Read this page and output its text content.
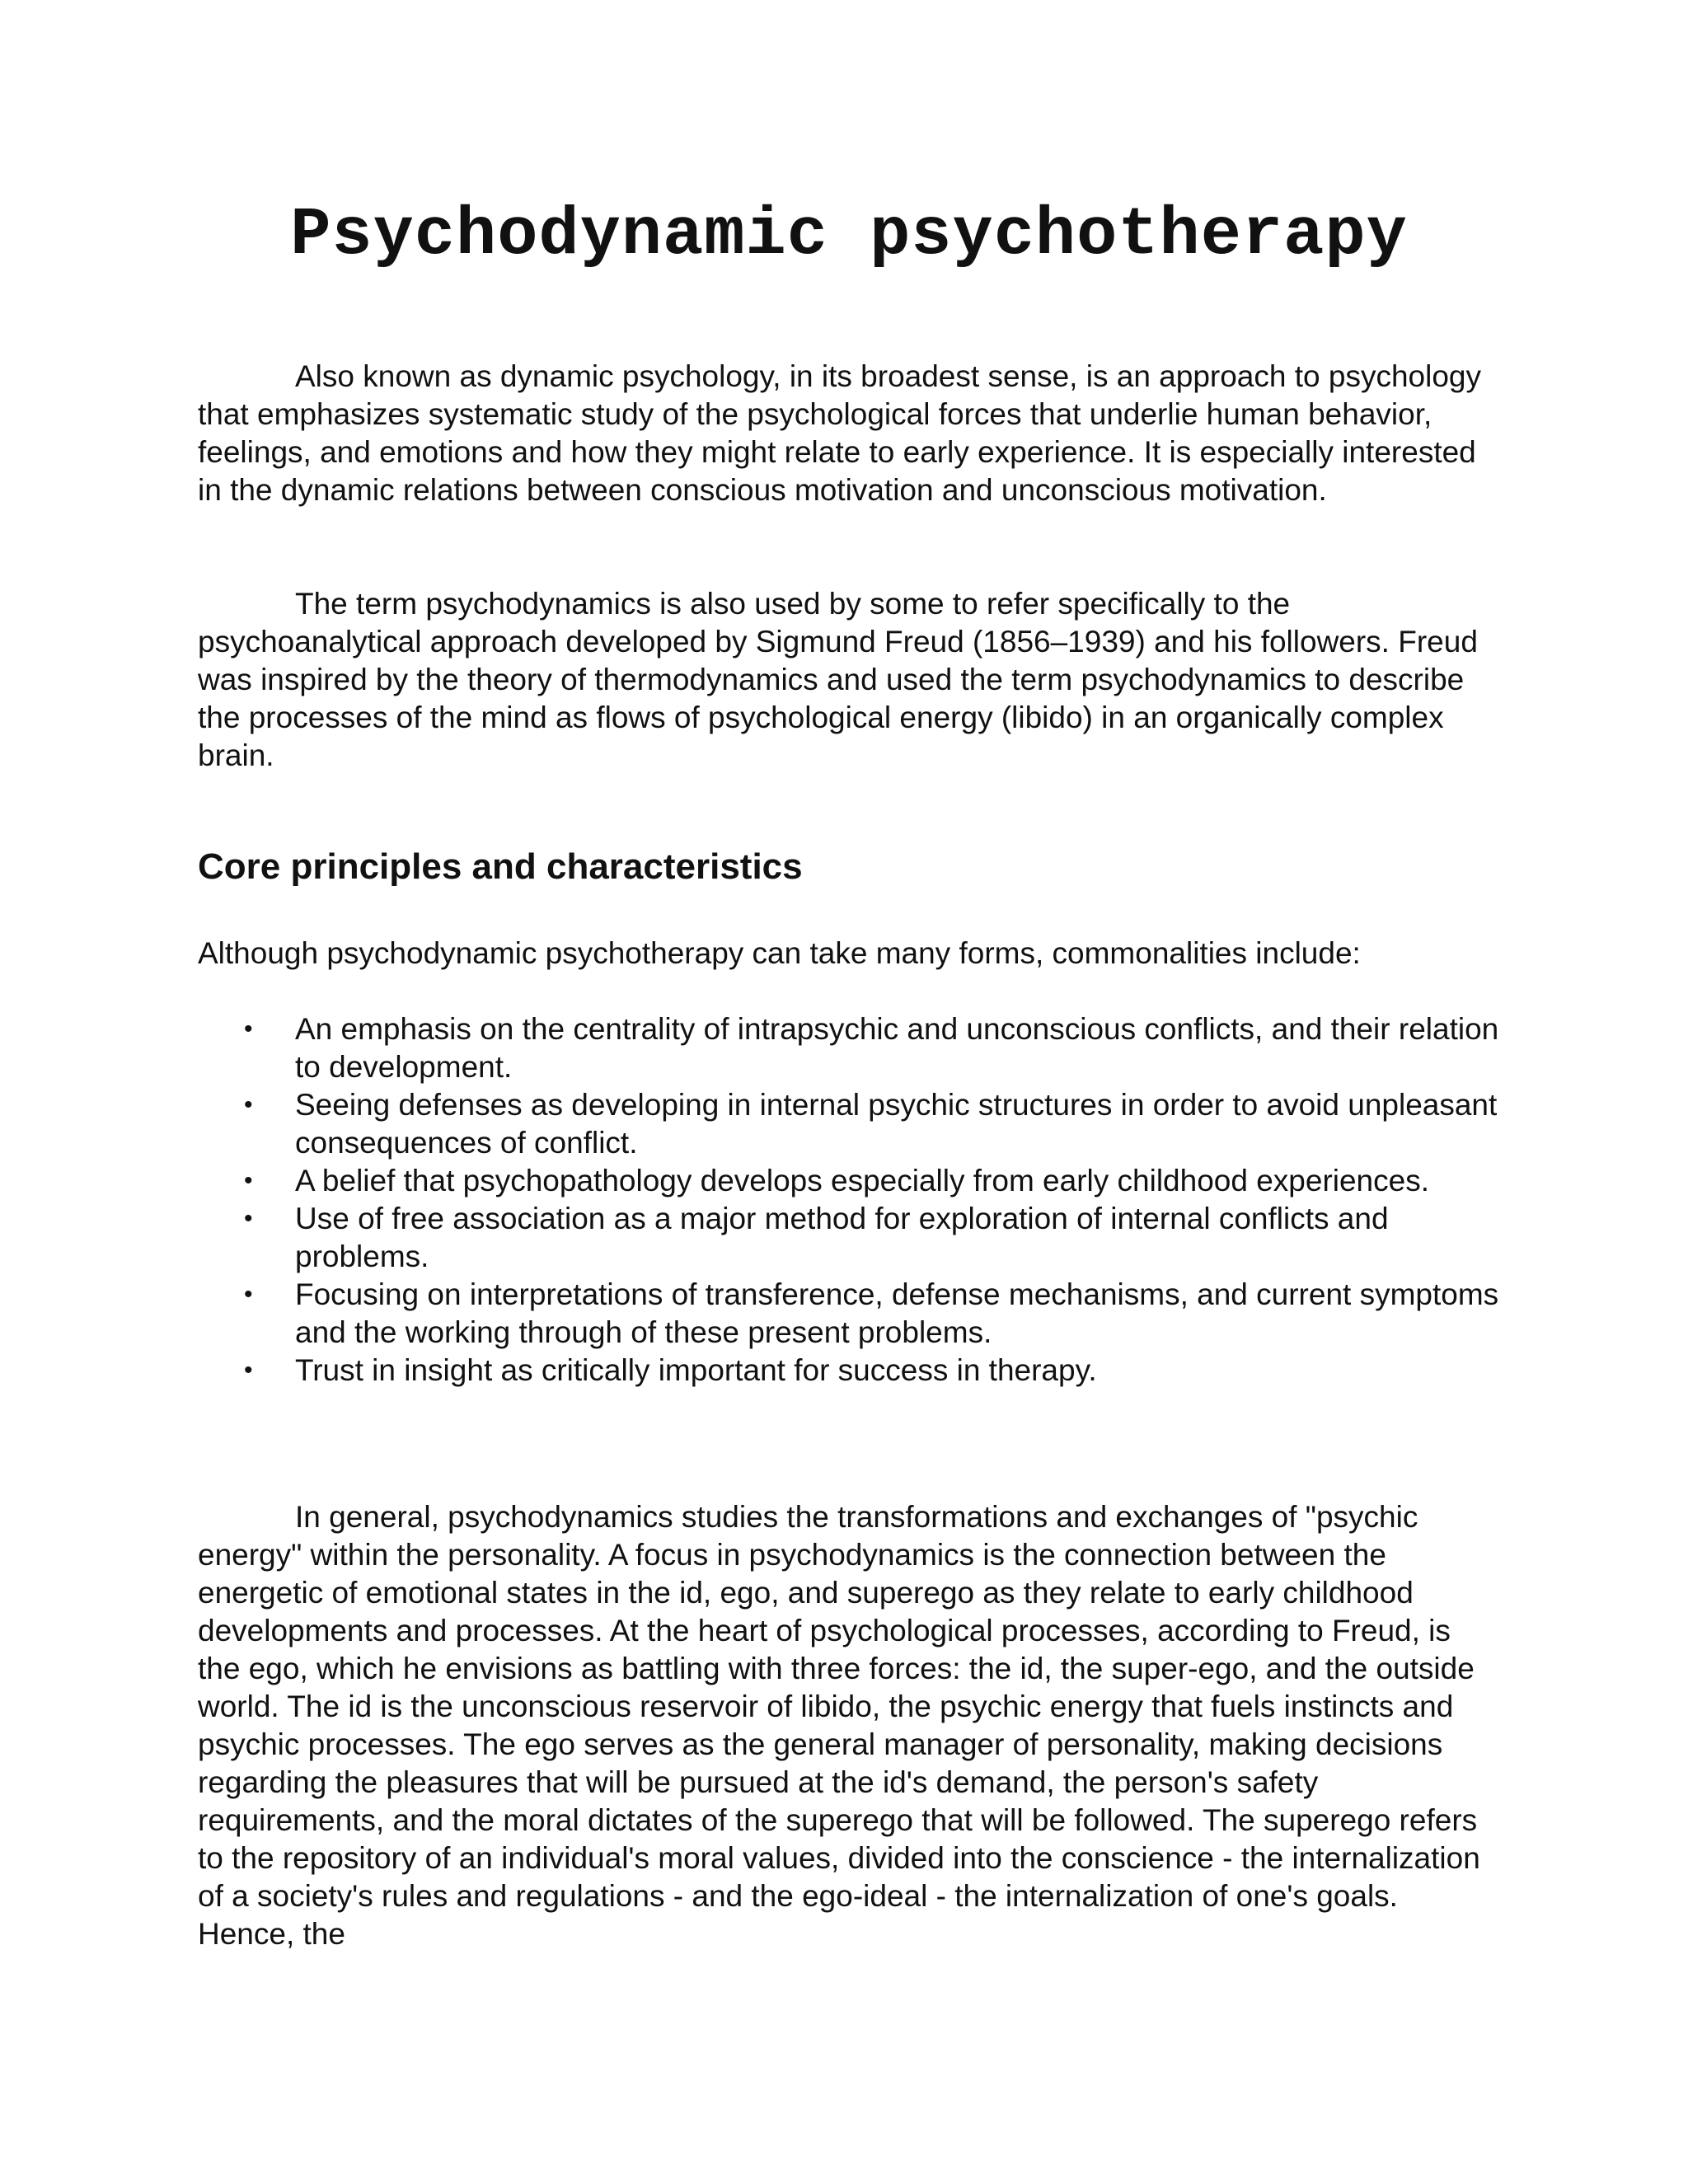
Psychodynamic psychotherapy

Also known as dynamic psychology, in its broadest sense, is an approach to psychology that emphasizes systematic study of the psychological forces that underlie human behavior, feelings, and emotions and how they might relate to early experience. It is especially interested in the dynamic relations between conscious motivation and unconscious motivation.

The term psychodynamics is also used by some to refer specifically to the psychoanalytical approach developed by Sigmund Freud (1856–1939) and his followers. Freud was inspired by the theory of thermodynamics and used the term psychodynamics to describe the processes of the mind as flows of psychological energy (libido) in an organically complex brain.

Core principles and characteristics

Although psychodynamic psychotherapy can take many forms, commonalities include:

• An emphasis on the centrality of intrapsychic and unconscious conflicts, and their relation to development.
• Seeing defenses as developing in internal psychic structures in order to avoid unpleasant consequences of conflict.
• A belief that psychopathology develops especially from early childhood experiences.
• Use of free association as a major method for exploration of internal conflicts and problems.
• Focusing on interpretations of transference, defense mechanisms, and current symptoms and the working through of these present problems.
• Trust in insight as critically important for success in therapy.

In general, psychodynamics studies the transformations and exchanges of "psychic energy" within the personality. A focus in psychodynamics is the connection between the energetic of emotional states in the id, ego, and superego as they relate to early childhood developments and processes. At the heart of psychological processes, according to Freud, is the ego, which he envisions as battling with three forces: the id, the super-ego, and the outside world. The id is the unconscious reservoir of libido, the psychic energy that fuels instincts and psychic processes. The ego serves as the general manager of personality, making decisions regarding the pleasures that will be pursued at the id's demand, the person's safety requirements, and the moral dictates of the superego that will be followed. The superego refers to the repository of an individual's moral values, divided into the conscience - the internalization of a society's rules and regulations - and the ego-ideal - the internalization of one's goals. Hence, the
